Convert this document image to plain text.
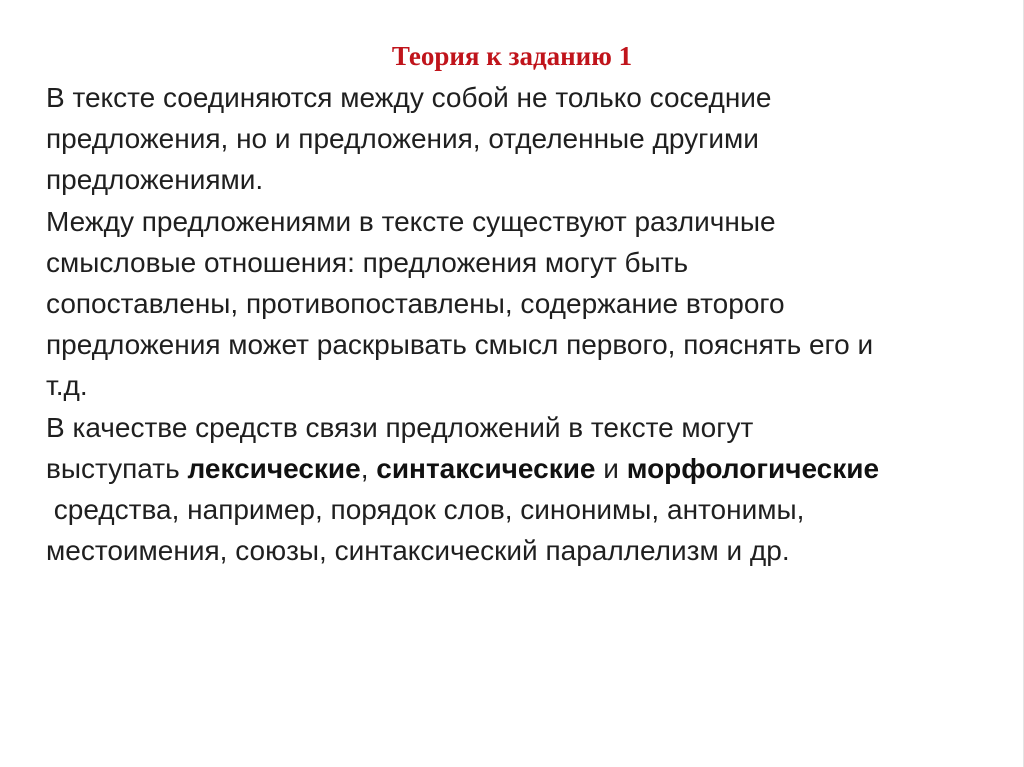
Теория к заданию 1
В тексте соединяются между собой не только соседние
предложения, но и предложения, отделенные другими
предложениями.
Между предложениями в тексте существуют различные
смысловые отношения: предложения могут быть
сопоставлены, противопоставлены, содержание второго
предложения может раскрывать смысл первого, пояснять его и
т.д.
В качестве средств связи предложений в тексте могут
выступать лексические, синтаксические и морфологические
средства, например, порядок слов, синонимы, антонимы,
местоимения, союзы, синтаксический параллелизм и др.
